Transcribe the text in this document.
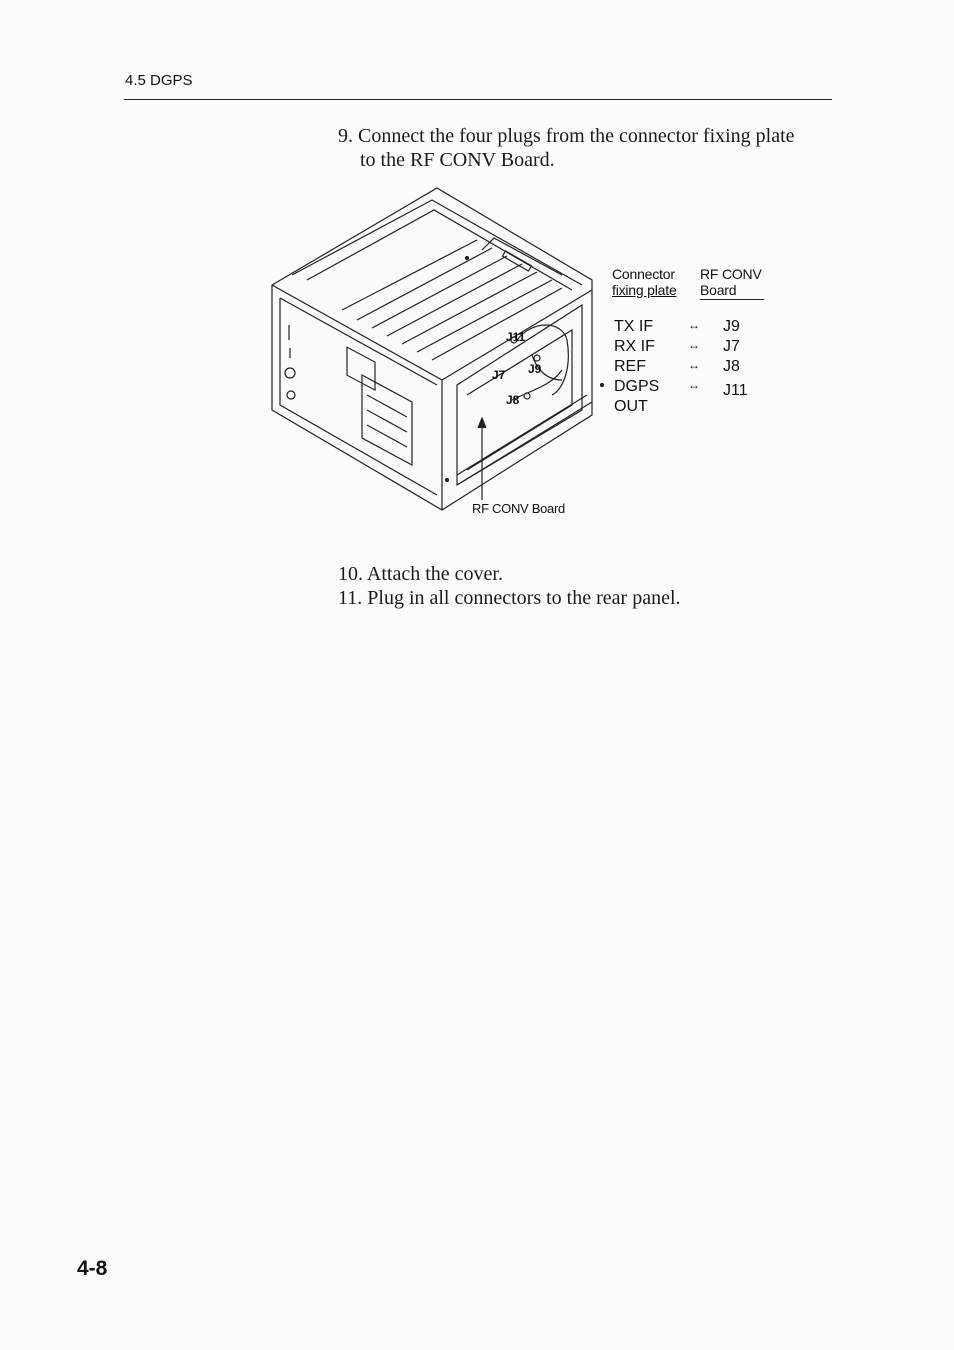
4.5 DGPS
9. Connect the four plugs from the connector fixing plate
to the RF CONV Board.
J11
J7 J9
J8
RF CONV Board
Connector
fixing plate
RF CONV
Board
TX IF	↔ J9
RX IF	↔ J7
REF	↔ J8
DGPS ↔ J11
OUT
10. Attach the cover.
11. Plug in all connectors to the rear panel.
4-8
